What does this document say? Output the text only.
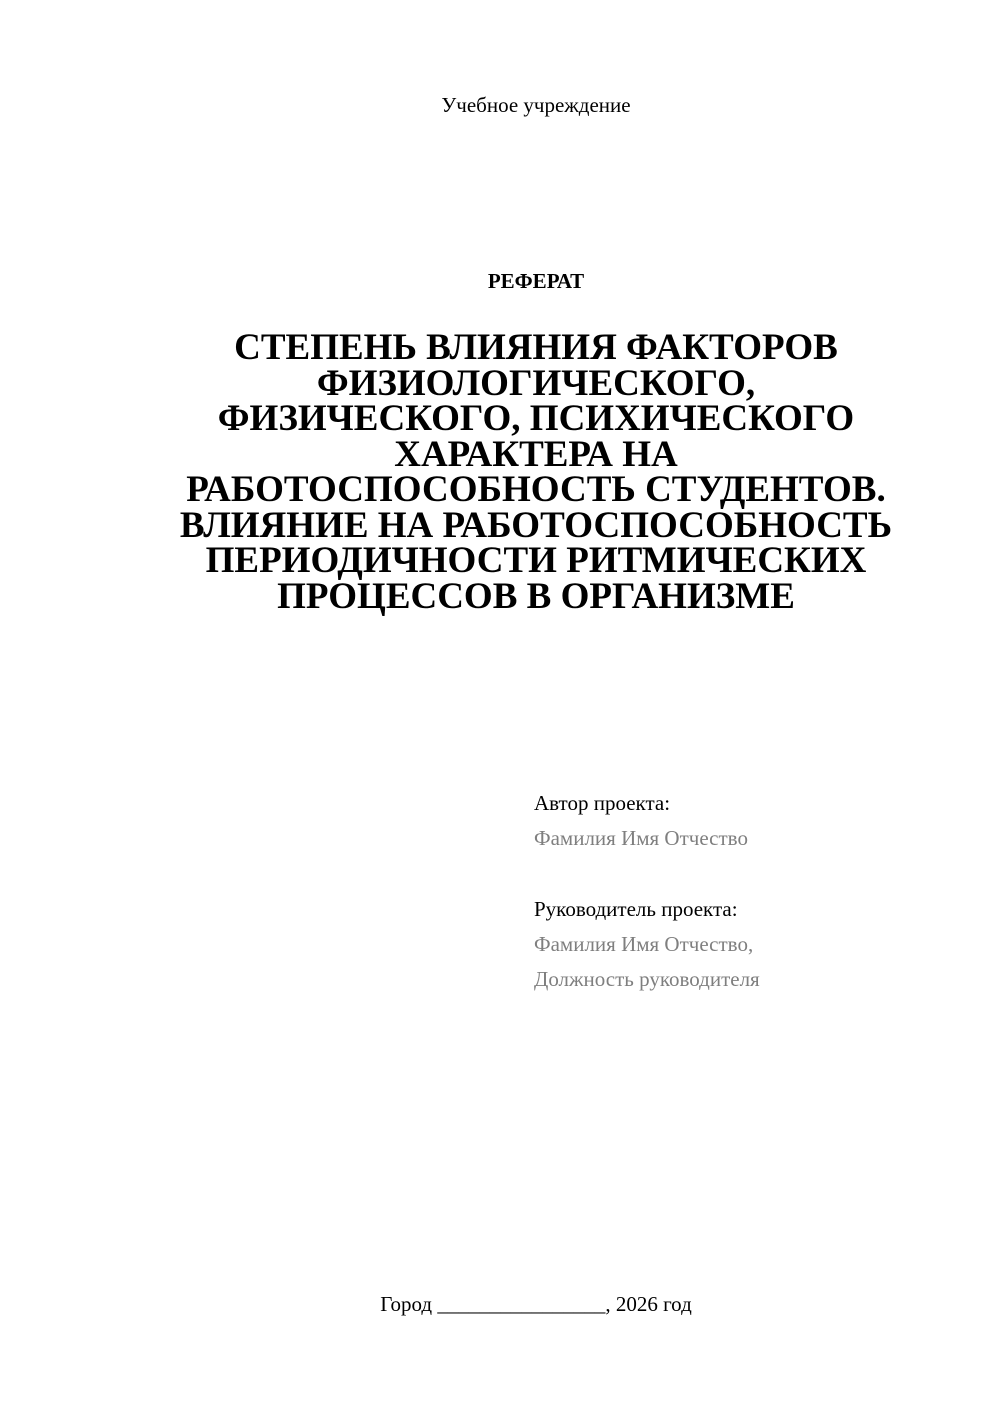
Учебное учреждение
РЕФЕРАТ
СТЕПЕНЬ ВЛИЯНИЯ ФАКТОРОВ
ФИЗИОЛОГИЧЕСКОГО,
ФИЗИЧЕСКОГО, ПСИХИЧЕСКОГО
ХАРАКТЕРА НА
РАБОТОСПОСОБНОСТЬ СТУДЕНТОВ.
ВЛИЯНИЕ НА РАБОТОСПОСОБНОСТЬ
ПЕРИОДИЧНОСТИ РИТМИЧЕСКИХ
ПРОЦЕССОВ В ОРГАНИЗМЕ
Автор проекта:
Фамилия Имя Отчество
Руководитель проекта:
Фамилия Имя Отчество,
Должность руководителя
Город ________________, 2026 год
